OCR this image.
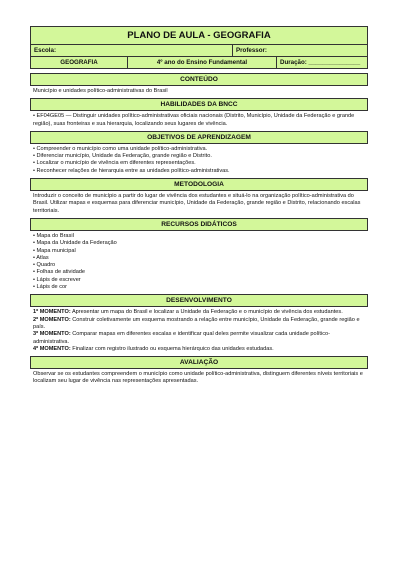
PLANO DE AULA - GEOGRAFIA
Escola:	Professor:
GEOGRAFIA	4º ano do Ensino Fundamental	Duração: _______________
CONTEÚDO

Município e unidades político-administrativas do Brasil

HABILIDADES DA BNCC

• EF04GE05 — Distinguir unidades político-administrativas oficiais nacionais (Distrito, Município, Unidade da Federação e grande região), suas fronteiras e sua hierarquia, localizando seus lugares de vivência.

OBJETIVOS DE APRENDIZAGEM
• Compreender o município como uma unidade político-administrativa.
• Diferenciar município, Unidade da Federação, grande região e Distrito.
• Localizar o município de vivência em diferentes representações.
• Reconhecer relações de hierarquia entre as unidades político-administrativas.
METODOLOGIA

Introduzir o conceito de município a partir do lugar de vivência dos estudantes e situá-lo na organização político-administrativa do Brasil. Utilizar mapas e esquemas para diferenciar município, Unidade da Federação, grande região e Distrito, relacionando escalas territoriais.

RECURSOS DIDÁTICOS
• Mapa do Brasil
• Mapa da Unidade da Federação
• Mapa municipal
• Atlas
• Quadro
• Folhas de atividade
• Lápis de escrever
• Lápis de cor
DESENVOLVIMENTO

1º MOMENTO: Apresentar um mapa do Brasil e localizar a Unidade da Federação e o município de vivência dos estudantes.

2º MOMENTO: Construir coletivamente um esquema mostrando a relação entre município, Unidade da Federação, grande região e país.

3º MOMENTO: Comparar mapas em diferentes escalas e identificar qual deles permite visualizar cada unidade político-administrativa.

4º MOMENTO: Finalizar com registro ilustrado ou esquema hierárquico das unidades estudadas.

AVALIAÇÃO

Observar se os estudantes compreendem o município como unidade político-administrativa, distinguem diferentes níveis territoriais e localizam seu lugar de vivência nas representações apresentadas.
